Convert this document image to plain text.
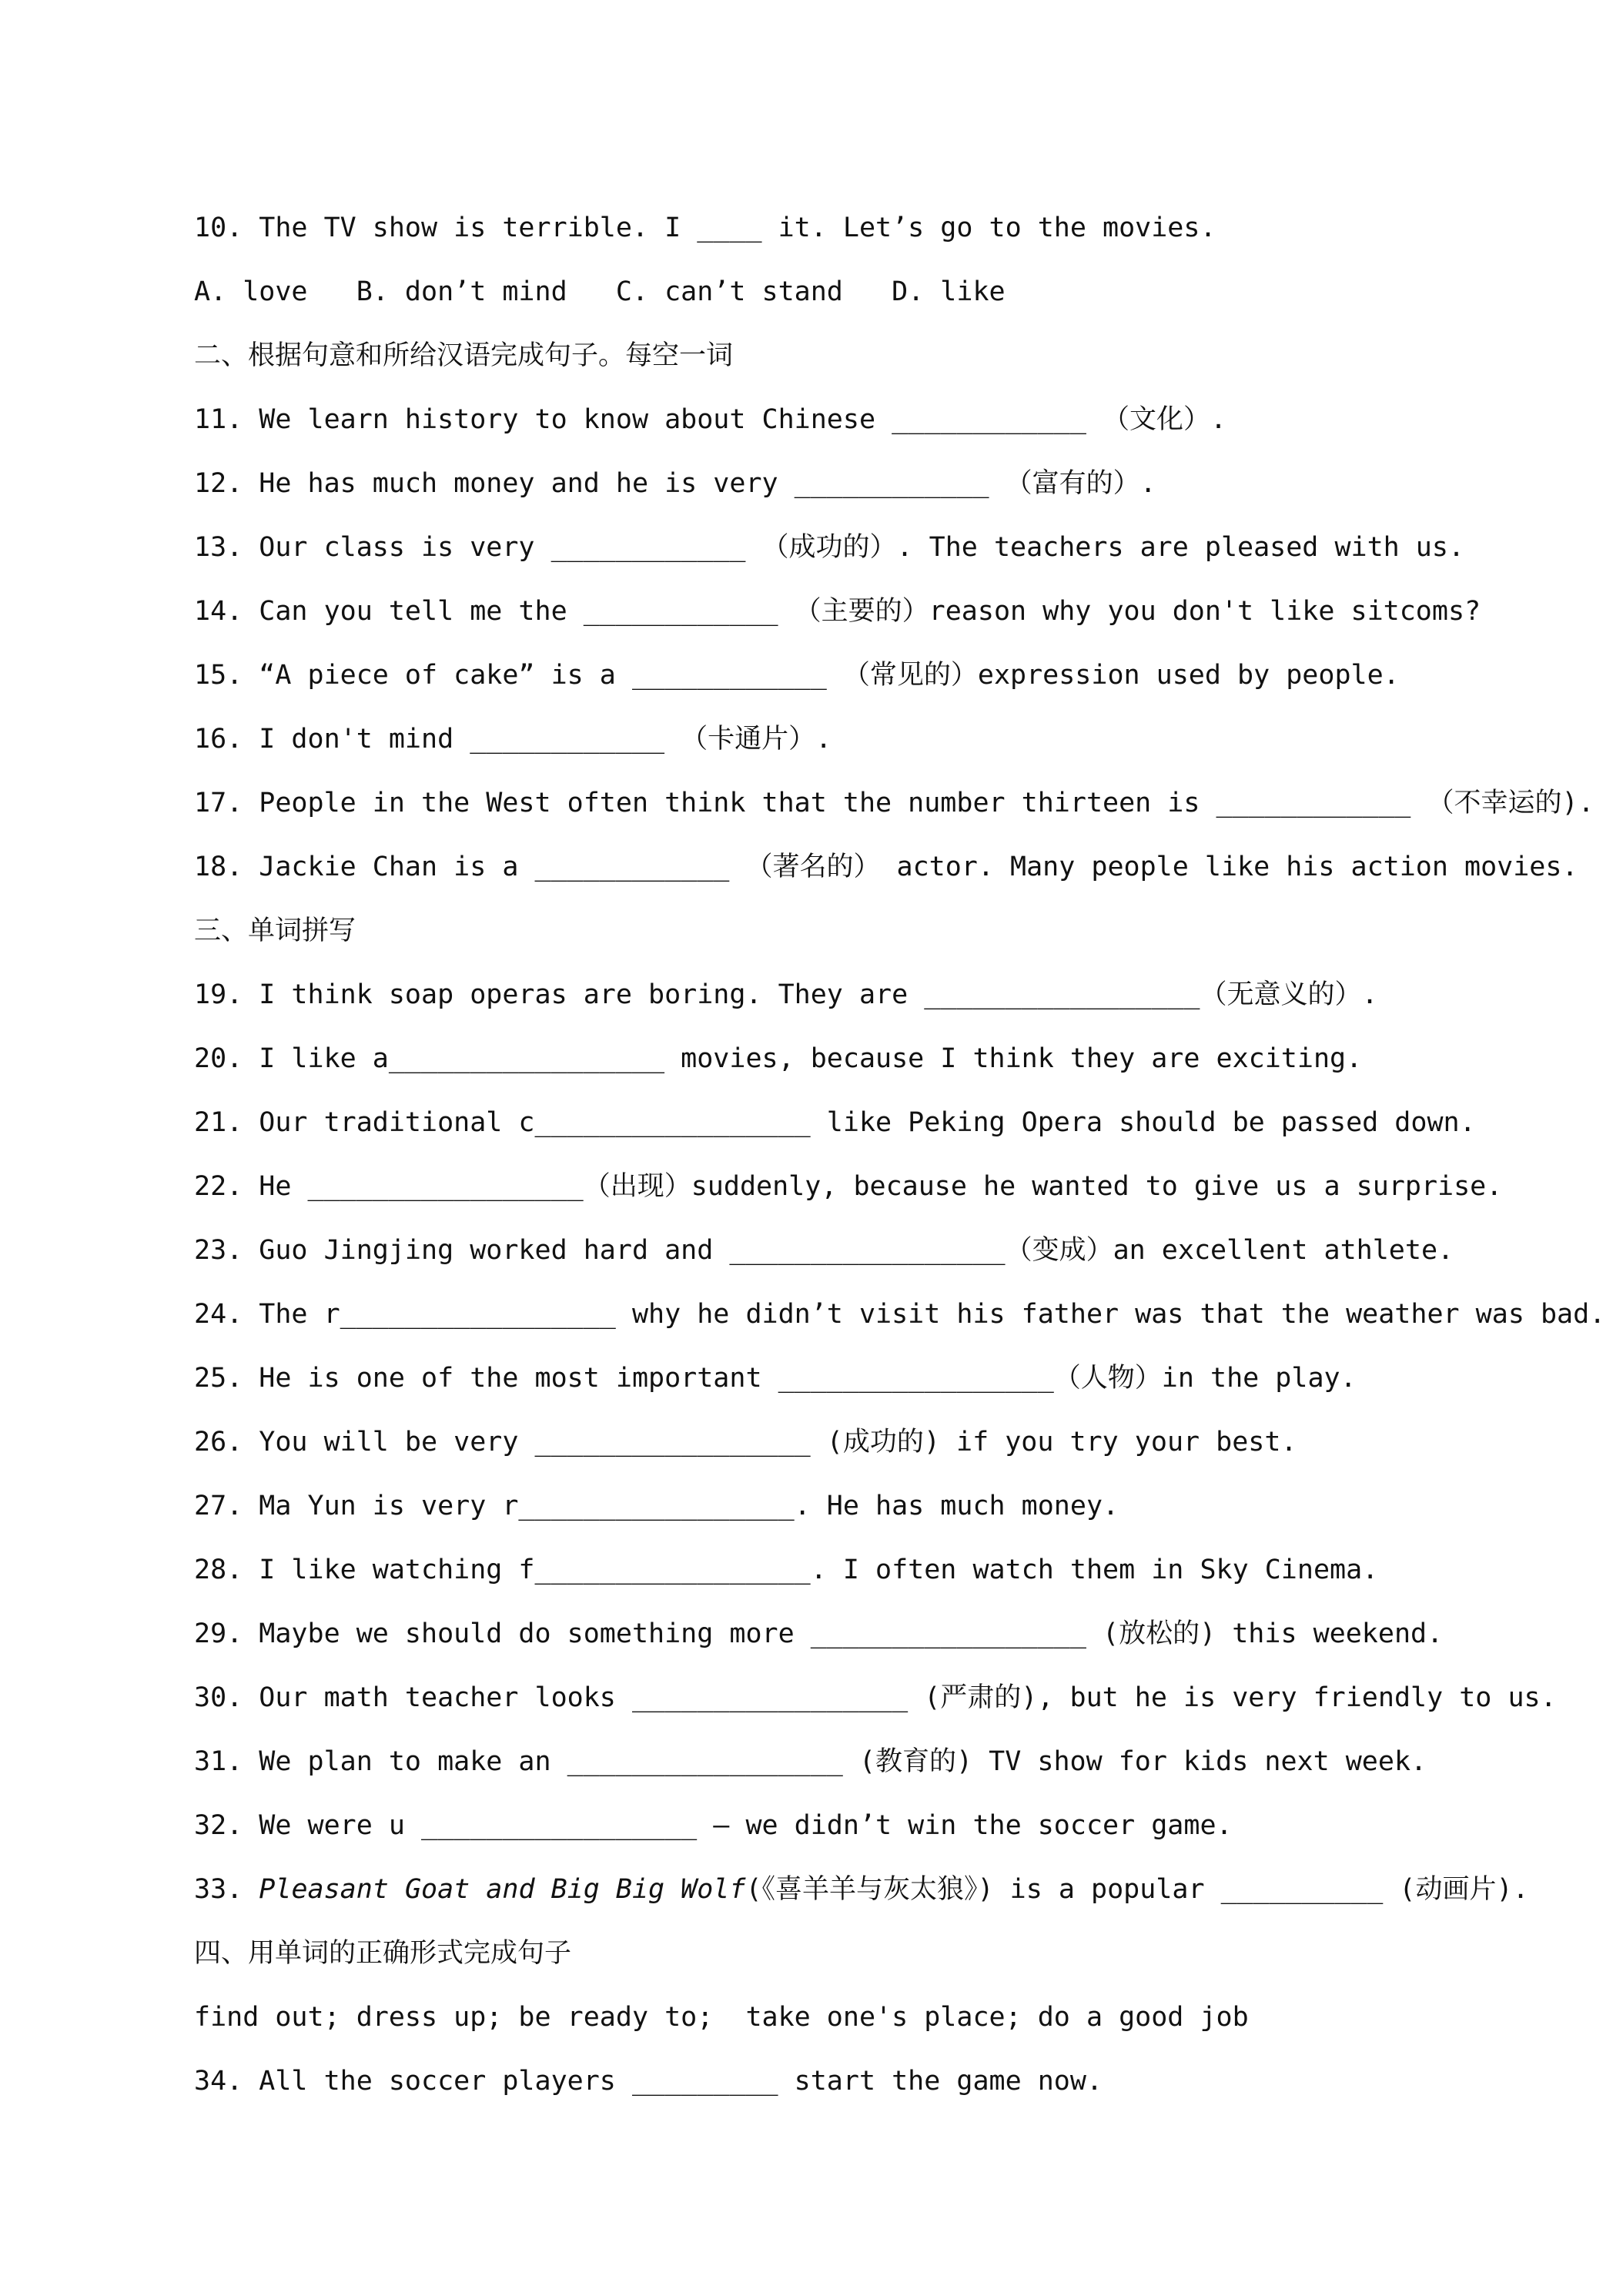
10. The TV show is terrible. I ____ it. Let’s go to the movies.
A. love   B. don’t mind   C. can’t stand   D. like
二、根据句意和所给汉语完成句子。每空一词
11. We learn history to know about Chinese ____________ （文化）.
12. He has much money and he is very ____________ （富有的）.
13. Our class is very ____________ （成功的）. The teachers are pleased with us.
14. Can you tell me the ____________ （主要的）reason why you don't like sitcoms?
15. “A piece of cake” is a ____________ （常见的）expression used by people.
16. I don't mind ____________ （卡通片）.
17. People in the West often think that the number thirteen is ____________ （不幸运的).
18. Jackie Chan is a ____________ （著名的） actor. Many people like his action movies.
三、单词拼写
19. I think soap operas are boring. They are _________________（无意义的）.
20. I like a_________________ movies, because I think they are exciting.
21. Our traditional c_________________ like Peking Opera should be passed down.
22. He _________________（出现）suddenly, because he wanted to give us a surprise.
23. Guo Jingjing worked hard and _________________（变成）an excellent athlete.
24. The r_________________ why he didn’t visit his father was that the weather was bad.
25. He is one of the most important _________________（人物）in the play.
26. You will be very _________________ (成功的) if you try your best.
27. Ma Yun is very r_________________. He has much money.
28. I like watching f_________________. I often watch them in Sky Cinema.
29. Maybe we should do something more _________________ (放松的) this weekend.
30. Our math teacher looks _________________ (严肃的), but he is very friendly to us.
31. We plan to make an _________________ (教育的) TV show for kids next week.
32. We were u _________________ — we didn’t win the soccer game.
33. Pleasant Goat and Big Big Wolf(《喜羊羊与灰太狼》) is a popular __________ (动画片).
四、用单词的正确形式完成句子
find out; dress up; be ready to;  take one's place; do a good job
34. All the soccer players _________ start the game now.
